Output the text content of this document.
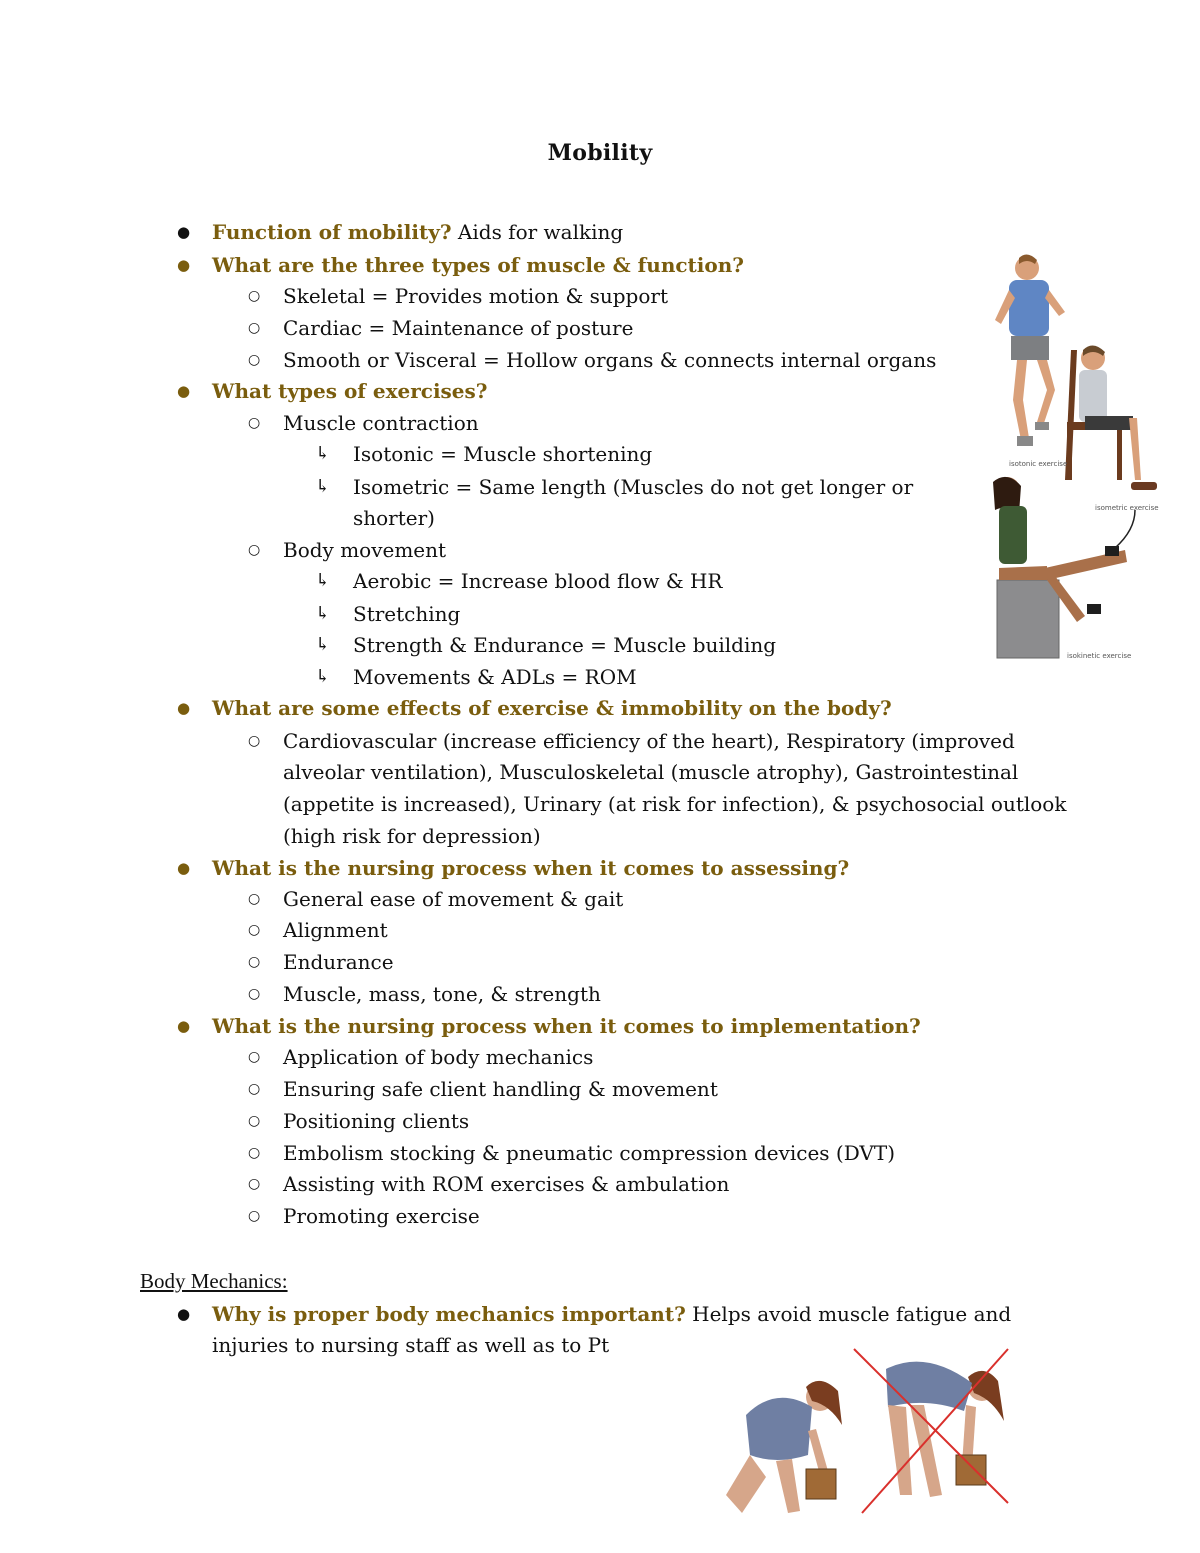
Mobility
● Function of mobility? Aids for walking
● What are the three types of muscle & function?
○ Skeletal = Provides motion & support
○ Cardiac = Maintenance of posture
○ Smooth or Visceral = Hollow organs & connects internal organs
● What types of exercises?
○ Muscle contraction
↳ Isotonic = Muscle shortening
↳ Isometric = Same length (Muscles do not get longer or
shorter)
○ Body movement
↳ Aerobic = Increase blood flow & HR
↳ Stretching
↳ Strength & Endurance = Muscle building
↳ Movements & ADLs = ROM
● What are some effects of exercise & immobility on the body?
○ Cardiovascular (increase efficiency of the heart), Respiratory (improved
alveolar ventilation), Musculoskeletal (muscle atrophy), Gastrointestinal
(appetite is increased), Urinary (at risk for infection), & psychosocial outlook
(high risk for depression)
● What is the nursing process when it comes to assessing?
○ General ease of movement & gait
○ Alignment
○ Endurance
○ Muscle, mass, tone, & strength
● What is the nursing process when it comes to implementation?
○ Application of body mechanics
○ Ensuring safe client handling & movement
○ Positioning clients
○ Embolism stocking & pneumatic compression devices (DVT)
○ Assisting with ROM exercises & ambulation
○ Promoting exercise
Body Mechanics:
● Why is proper body mechanics important? Helps avoid muscle fatigue and
injuries to nursing staff as well as to Pt
isotonic exercise
isometric exercise
isokinetic exercise
